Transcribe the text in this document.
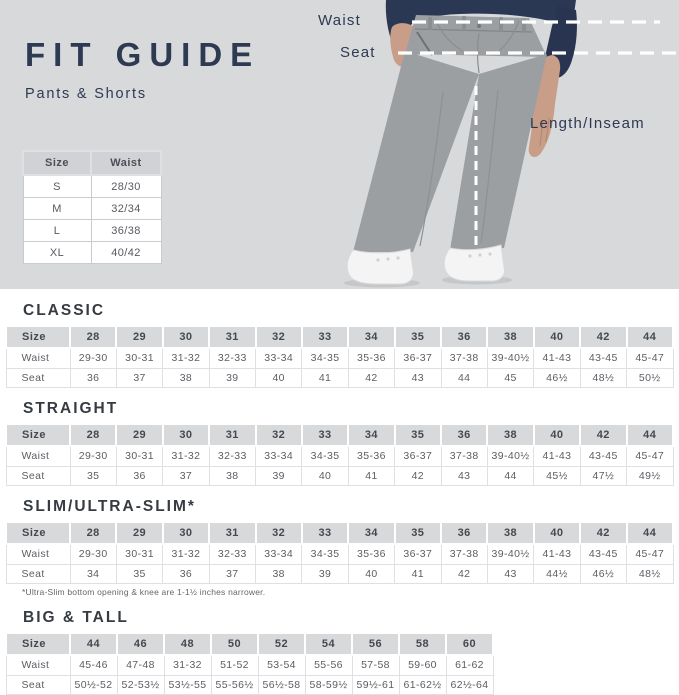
FIT GUIDE
Pants & Shorts
Size	Waist
S	28/30
M	32/34
L	36/38
XL	40/42
Waist
Seat
Length/Inseam
CLASSIC
Size	28	29	30	31	32	33	34	35	36	38	40	42	44
Waist	29-30	30-31	31-32	32-33	33-34	34-35	35-36	36-37	37-38	39-40½	41-43	43-45	45-47
Seat	36	37	38	39	40	41	42	43	44	45	46½	48½	50½
STRAIGHT
Size	28	29	30	31	32	33	34	35	36	38	40	42	44
Waist	29-30	30-31	31-32	32-33	33-34	34-35	35-36	36-37	37-38	39-40½	41-43	43-45	45-47
Seat	35	36	37	38	39	40	41	42	43	44	45½	47½	49½
SLIM/ULTRA-SLIM*
Size	28	29	30	31	32	33	34	35	36	38	40	42	44
Waist	29-30	30-31	31-32	32-33	33-34	34-35	35-36	36-37	37-38	39-40½	41-43	43-45	45-47
Seat	34	35	36	37	38	39	40	41	42	43	44½	46½	48½

*Ultra-Slim bottom opening & knee are 1-1½ inches narrower.

BIG & TALL
Size	44	46	48	50	52	54	56	58	60
Waist	45-46	47-48	31-32	51-52	53-54	55-56	57-58	59-60	61-62
Seat	50½-52	52-53½	53½-55	55-56½	56½-58	58-59½	59½-61	61-62½	62½-64
